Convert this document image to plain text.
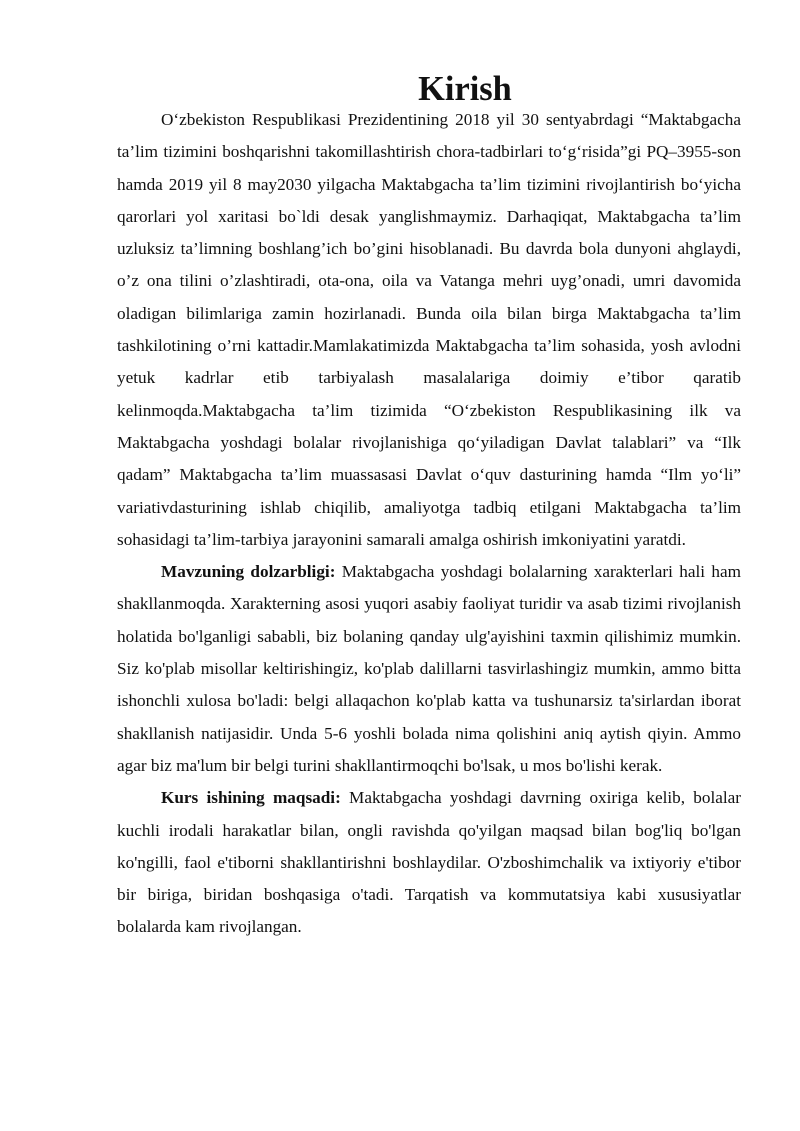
Kirish

O‘zbekiston Respublikasi Prezidentining 2018 yil 30 sentyabrdagi “Maktabgacha ta’lim tizimini boshqarishni takomillashtirish chora-tadbirlari to‘g‘risida”gi PQ–3955-son hamda 2019 yil 8 may2030 yilgacha Maktabgacha ta’lim tizimini rivojlantirish bo‘yicha qarorlari yol xaritasi bo`ldi desak yanglishmaymiz. Darhaqiqat, Maktabgacha ta’lim uzluksiz ta’limning boshlang’ich bo’gini hisoblanadi. Bu davrda bola dunyoni ahglaydi, o’z ona tilini o’zlashtiradi, ota-ona, oila va Vatanga mehri uyg’onadi, umri davomida oladigan bilimlariga zamin hozirlanadi. Bunda oila bilan birga Maktabgacha ta’lim tashkilotining o’rni kattadir.Mamlakatimizda Maktabgacha ta’lim sohasida, yosh avlodni yetuk kadrlar etib tarbiyalash masalalariga doimiy e’tibor qaratib kelinmoqda.Maktabgacha ta’lim tizimida “O‘zbekiston Respublikasining ilk va Maktabgacha yoshdagi bolalar rivojlanishiga qo‘yiladigan Davlat talablari” va “Ilk qadam” Maktabgacha ta’lim muassasasi Davlat o‘quv dasturining hamda “Ilm yo‘li” variativdasturining ishlab chiqilib, amaliyotga tadbiq etilgani Maktabgacha ta’lim sohasidagi ta’lim-tarbiya jarayonini samarali amalga oshirish imkoniyatini yaratdi.

Mavzuning dolzarbligi: Maktabgacha yoshdagi bolalarning xarakterlari hali ham shakllanmoqda. Xarakterning asosi yuqori asabiy faoliyat turidir va asab tizimi rivojlanish holatida bo'lganligi sababli, biz bolaning qanday ulg'ayishini taxmin qilishimiz mumkin. Siz ko'plab misollar keltirishingiz, ko'plab dalillarni tasvirlashingiz mumkin, ammo bitta ishonchli xulosa bo'ladi: belgi allaqachon ko'plab katta va tushunarsiz ta'sirlardan iborat shakllanish natijasidir. Unda 5-6 yoshli bolada nima qolishini aniq aytish qiyin. Ammo agar biz ma'lum bir belgi turini shakllantirmoqchi bo'lsak, u mos bo'lishi kerak.

Kurs ishining maqsadi: Maktabgacha yoshdagi davrning oxiriga kelib, bolalar kuchli irodali harakatlar bilan, ongli ravishda qo'yilgan maqsad bilan bog'liq bo'lgan ko'ngilli, faol e'tiborni shakllantirishni boshlaydilar. O'zboshimchalik va ixtiyoriy e'tibor bir biriga, biridan boshqasiga o'tadi. Tarqatish va kommutatsiya kabi xususiyatlar bolalarda kam rivojlangan.
